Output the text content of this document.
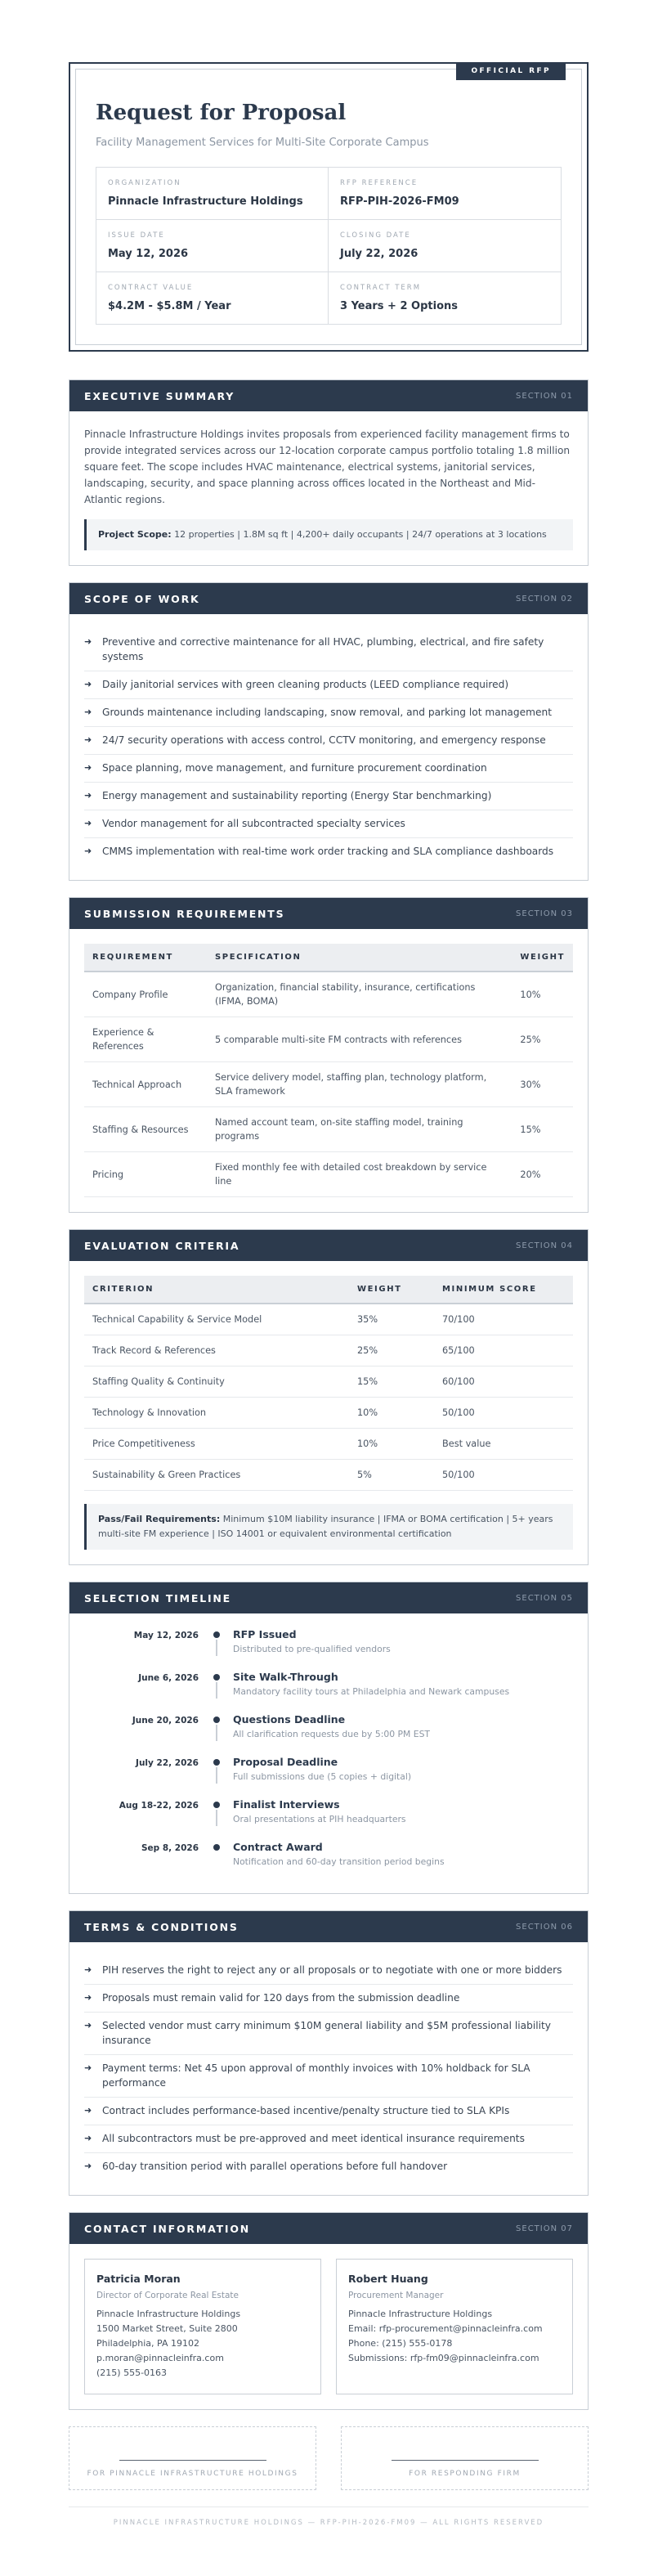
OFFICIAL RFP
Request for Proposal
Facility Management Services for Multi-Site Corporate Campus
ORGANIZATION
Pinnacle Infrastructure Holdings
RFP REFERENCE
RFP-PIH-2026-FM09
ISSUE DATE
May 12, 2026
CLOSING DATE
July 22, 2026
CONTRACT VALUE
$4.2M - $5.8M / Year
CONTRACT TERM
3 Years + 2 Options
EXECUTIVE SUMMARY	SECTION 01

Pinnacle Infrastructure Holdings invites proposals from experienced facility management firms to provide integrated services across our 12-location corporate campus portfolio totaling 1.8 million square feet. The scope includes HVAC maintenance, electrical systems, janitorial services, landscaping, security, and space planning across offices located in the Northeast and Mid-Atlantic regions.

Project Scope: 12 properties | 1.8M sq ft | 4,200+ daily occupants | 24/7 operations at 3 locations
SCOPE OF WORK	SECTION 02
➜	Preventive and corrective maintenance for all HVAC, plumbing, electrical, and fire safety systems
➜	Daily janitorial services with green cleaning products (LEED compliance required)
➜	Grounds maintenance including landscaping, snow removal, and parking lot management
➜	24/7 security operations with access control, CCTV monitoring, and emergency response
➜	Space planning, move management, and furniture procurement coordination
➜	Energy management and sustainability reporting (Energy Star benchmarking)
➜	Vendor management for all subcontracted specialty services
➜	CMMS implementation with real-time work order tracking and SLA compliance dashboards
SUBMISSION REQUIREMENTS	SECTION 03
REQUIREMENT	SPECIFICATION	WEIGHT
Company Profile	Organization, financial stability, insurance, certifications (IFMA, BOMA)	10%
Experience & References	5 comparable multi-site FM contracts with references	25%
Technical Approach	Service delivery model, staffing plan, technology platform, SLA framework	30%
Staffing & Resources	Named account team, on-site staffing model, training programs	15%
Pricing	Fixed monthly fee with detailed cost breakdown by service line	20%
EVALUATION CRITERIA	SECTION 04
CRITERION	WEIGHT	MINIMUM SCORE
Technical Capability & Service Model	35%	70/100
Track Record & References	25%	65/100
Staffing Quality & Continuity	15%	60/100
Technology & Innovation	10%	50/100
Price Competitiveness	10%	Best value
Sustainability & Green Practices	5%	50/100
Pass/Fail Requirements: Minimum $10M liability insurance | IFMA or BOMA certification | 5+ years multi-site FM experience | ISO 14001 or equivalent environmental certification
SELECTION TIMELINE	SECTION 05
May 12, 2026	RFP Issued
Distributed to pre-qualified vendors
June 6, 2026	Site Walk-Through
Mandatory facility tours at Philadelphia and Newark campuses
June 20, 2026	Questions Deadline
All clarification requests due by 5:00 PM EST
July 22, 2026	Proposal Deadline
Full submissions due (5 copies + digital)
Aug 18-22, 2026	Finalist Interviews
Oral presentations at PIH headquarters
Sep 8, 2026	Contract Award
Notification and 60-day transition period begins
TERMS & CONDITIONS	SECTION 06
➜	PIH reserves the right to reject any or all proposals or to negotiate with one or more bidders
➜	Proposals must remain valid for 120 days from the submission deadline
➜	Selected vendor must carry minimum $10M general liability and $5M professional liability insurance
➜	Payment terms: Net 45 upon approval of monthly invoices with 10% holdback for SLA performance
➜	Contract includes performance-based incentive/penalty structure tied to SLA KPIs
➜	All subcontractors must be pre-approved and meet identical insurance requirements
➜	60-day transition period with parallel operations before full handover
CONTACT INFORMATION	SECTION 07
Patricia Moran
Director of Corporate Real Estate
Pinnacle Infrastructure Holdings
1500 Market Street, Suite 2800
Philadelphia, PA 19102
p.moran@pinnacleinfra.com
(215) 555-0163
Robert Huang
Procurement Manager
Pinnacle Infrastructure Holdings
Email: rfp-procurement@pinnacleinfra.com
Phone: (215) 555-0178
Submissions: rfp-fm09@pinnacleinfra.com
FOR PINNACLE INFRASTRUCTURE HOLDINGS	FOR RESPONDING FIRM
PINNACLE INFRASTRUCTURE HOLDINGS — RFP-PIH-2026-FM09 — ALL RIGHTS RESERVED
